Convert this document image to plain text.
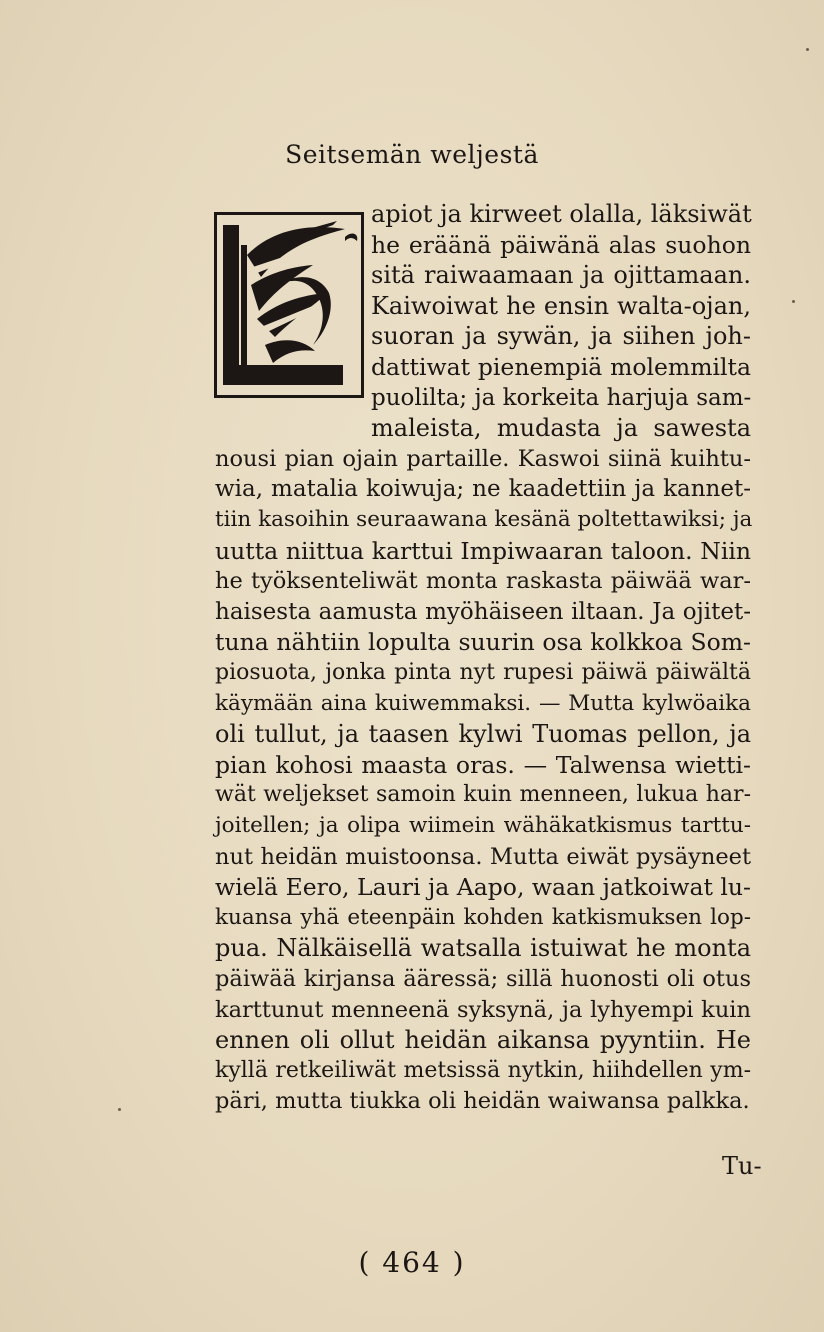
Seitsemän weljestä
apiot ja kirweet olalla, läksiwät
he eräänä päiwänä alas suohon
sitä raiwaamaan ja ojittamaan.
Kaiwoiwat he ensin walta-ojan,
suoran ja sywän, ja siihen joh-
dattiwat pienempiä molemmilta
puolilta; ja korkeita harjuja sam-
maleista, mudasta ja sawesta
nousi pian ojain partaille. Kaswoi siinä kuihtu-
wia, matalia koiwuja; ne kaadettiin ja kannet-
tiin kasoihin seuraawana kesänä poltettawiksi; ja
uutta niittua karttui Impiwaaran taloon. Niin
he työksenteliwät monta raskasta päiwää war-
haisesta aamusta myöhäiseen iltaan. Ja ojitet-
tuna nähtiin lopulta suurin osa kolkkoa Som-
piosuota, jonka pinta nyt rupesi päiwä päiwältä
käymään aina kuiwemmaksi. — Mutta kylwöaika
oli tullut, ja taasen kylwi Tuomas pellon, ja
pian kohosi maasta oras. — Talwensa wietti-
wät weljekset samoin kuin menneen, lukua har-
joitellen; ja olipa wiimein wähäkatkismus tarttu-
nut heidän muistoonsa. Mutta eiwät pysäyneet
wielä Eero, Lauri ja Aapo, waan jatkoiwat lu-
kuansa yhä eteenpäin kohden katkismuksen lop-
pua. Nälkäisellä watsalla istuiwat he monta
päiwää kirjansa ääressä; sillä huonosti oli otus
karttunut menneenä syksynä, ja lyhyempi kuin
ennen oli ollut heidän aikansa pyyntiin. He
kyllä retkeiliwät metsissä nytkin, hiihdellen ym-
päri, mutta tiukka oli heidän waiwansa palkka.
Tu-
( 464 )
